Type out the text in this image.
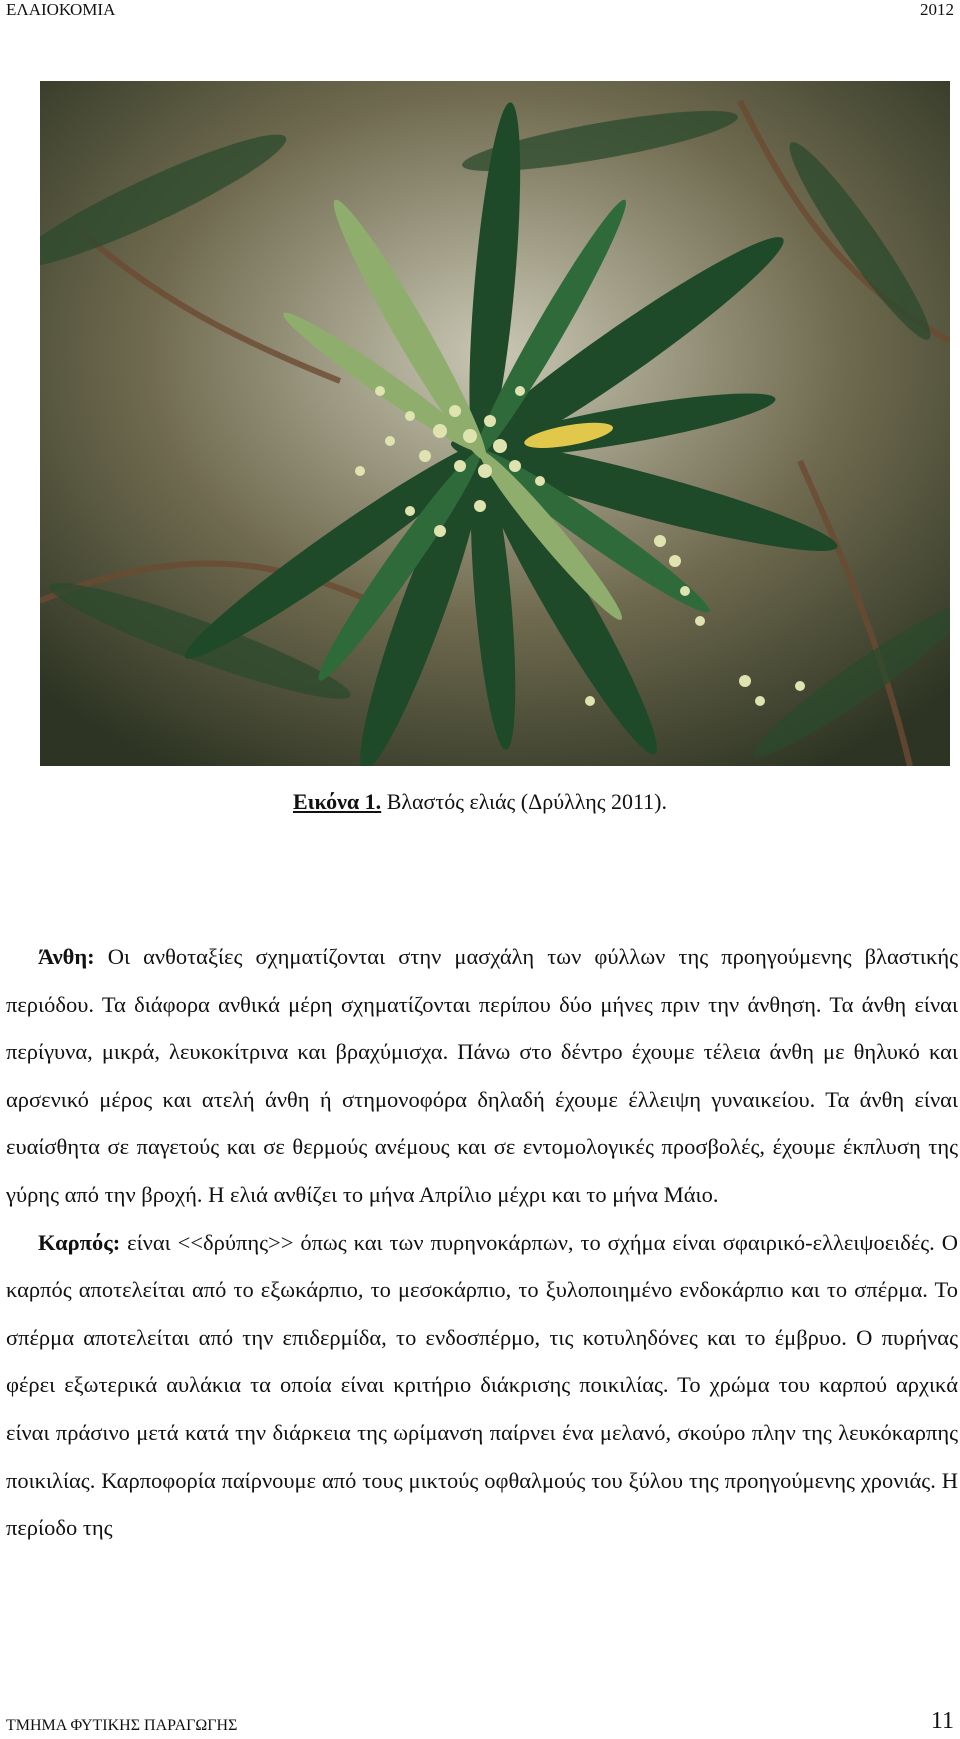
ΕΛΑΙΟΚΟΜΙΑ	2012
Εικόνα 1. Βλαστός ελιάς (Δρύλλης 2011).

Άνθη: Οι ανθοταξίες σχηματίζονται στην μασχάλη των φύλλων της προηγούμενης βλαστικής περιόδου. Τα διάφορα ανθικά μέρη σχηματίζονται περίπου δύο μήνες πριν την άνθηση. Τα άνθη είναι περίγυνα, μικρά, λευκοκίτρινα και βραχύμισχα. Πάνω στο δέντρο έχουμε τέλεια άνθη με θηλυκό και αρσενικό μέρος και ατελή άνθη ή στημονοφόρα δηλαδή έχουμε έλλειψη γυναικείου. Τα άνθη είναι ευαίσθητα σε παγετούς και σε θερμούς ανέμους και σε εντομολογικές προσβολές, έχουμε έκπλυση της γύρης από την βροχή. Η ελιά ανθίζει το μήνα Απρίλιο μέχρι και το μήνα Μάιο.

Καρπός: είναι <<δρύπης>> όπως και των πυρηνοκάρπων, το σχήμα είναι σφαιρικό-ελλειψοειδές. Ο καρπός αποτελείται από το εξωκάρπιο, το μεσοκάρπιο, το ξυλοποιημένο ενδοκάρπιο και το σπέρμα. Το σπέρμα αποτελείται από την επιδερμίδα, το ενδοσπέρμο, τις κοτυληδόνες και το έμβρυο. Ο πυρήνας φέρει εξωτερικά αυλάκια τα οποία είναι κριτήριο διάκρισης ποικιλίας. Το χρώμα του καρπού αρχικά είναι πράσινο μετά κατά την διάρκεια της ωρίμανση παίρνει ένα μελανό, σκούρο πλην της λευκόκαρπης ποικιλίας. Καρποφορία παίρνουμε από τους μικτούς οφθαλμούς του ξύλου της προηγούμενης χρονιάς. Η περίοδο της

ΤΜΗΜΑ ΦΥΤΙΚΗΣ ΠΑΡΑΓΩΓΗΣ	11
